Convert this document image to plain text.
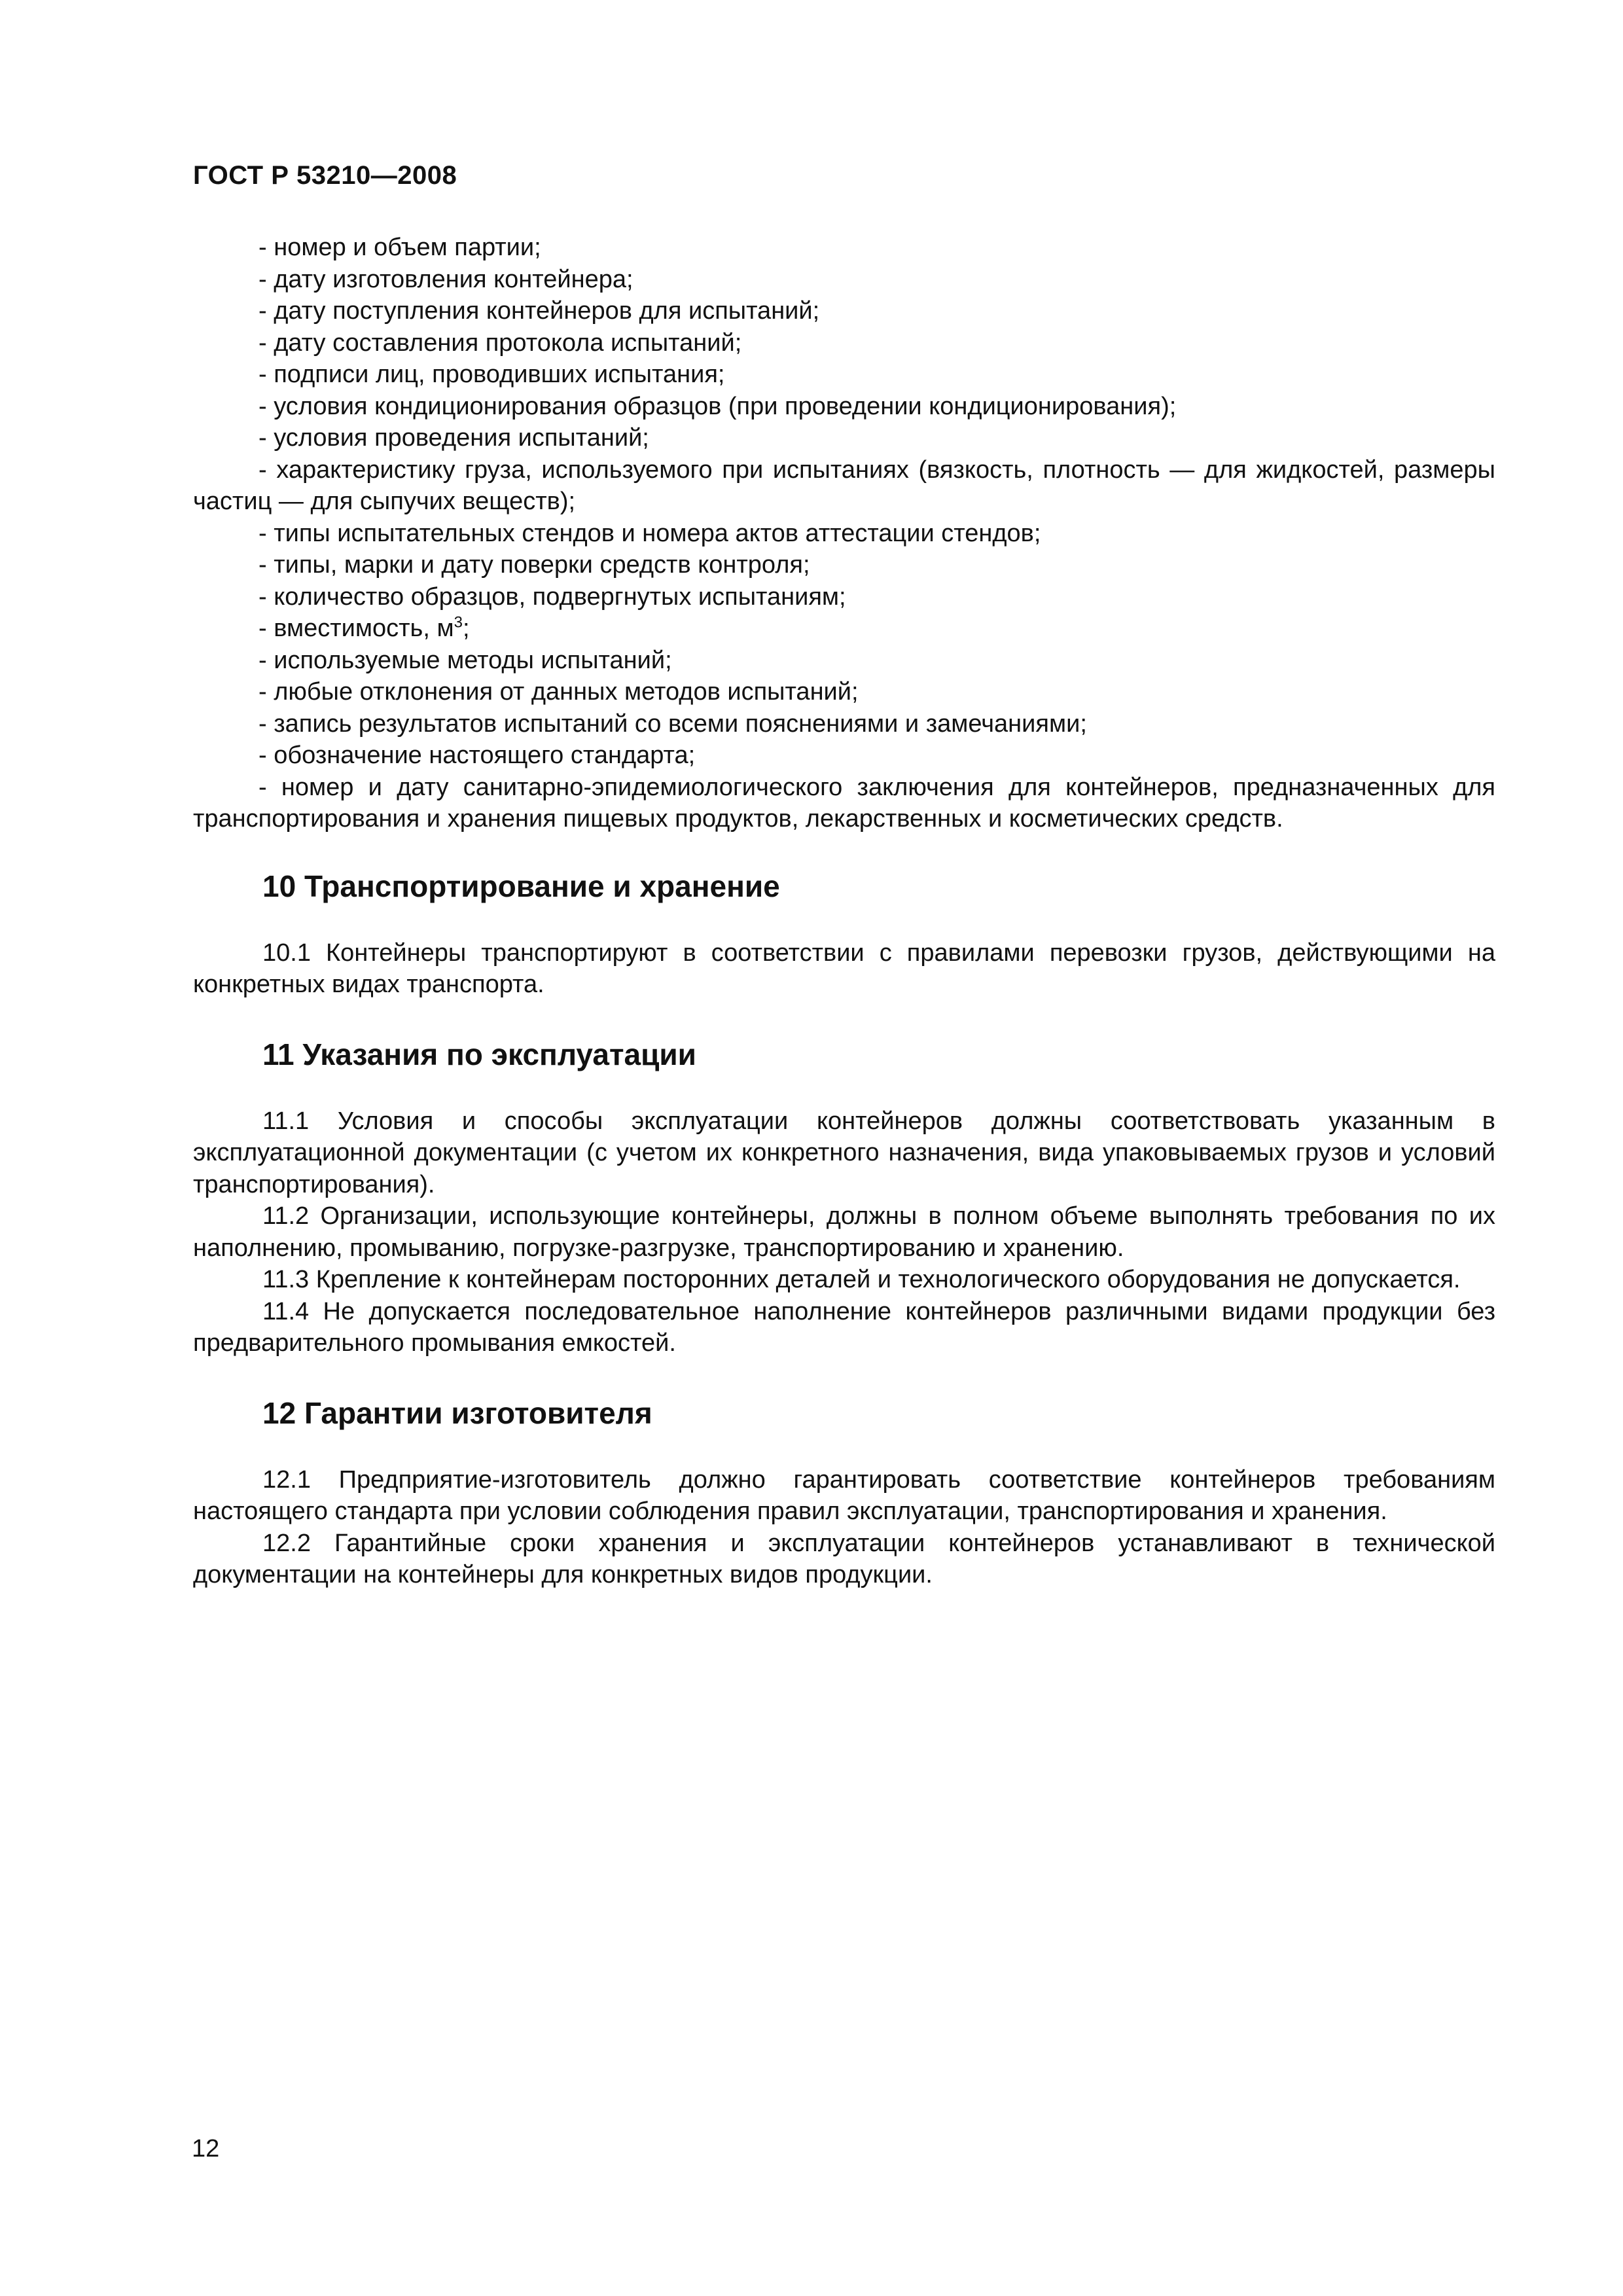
ГОСТ Р 53210—2008

- номер и объем партии;

- дату изготовления контейнера;

- дату поступления контейнеров для испытаний;

- дату составления протокола испытаний;

- подписи лиц, проводивших испытания;

- условия кондиционирования образцов (при проведении кондиционирования);

- условия проведения испытаний;

- характеристику груза, используемого при испытаниях (вязкость, плотность — для жидкостей, размеры частиц — для сыпучих веществ);

- типы испытательных стендов и номера актов аттестации стендов;

- типы, марки и дату поверки средств контроля;

- количество образцов, подвергнутых испытаниям;

- вместимость, $м^3$;

- используемые методы испытаний;

- любые отклонения от данных методов испытаний;

- запись результатов испытаний со всеми пояснениями и замечаниями;

- обозначение настоящего стандарта;

- номер и дату санитарно-эпидемиологического заключения для контейнеров, предназначенных для транспортирования и хранения пищевых продуктов, лекарственных и косметических средств.

10 Транспортирование и хранение

10.1 Контейнеры транспортируют в соответствии с правилами перевозки грузов, действующими на конкретных видах транспорта.

11 Указания по эксплуатации

11.1 Условия и способы эксплуатации контейнеров должны соответствовать указанным в эксплуатационной документации (с учетом их конкретного назначения, вида упаковываемых грузов и условий транспортирования).

11.2 Организации, использующие контейнеры, должны в полном объеме выполнять требования по их наполнению, промыванию, погрузке-разгрузке, транспортированию и хранению.

11.3 Крепление к контейнерам посторонних деталей и технологического оборудования не допускается.

11.4 Не допускается последовательное наполнение контейнеров различными видами продукции без предварительного промывания емкостей.

12 Гарантии изготовителя

12.1 Предприятие-изготовитель должно гарантировать соответствие контейнеров требованиям настоящего стандарта при условии соблюдения правил эксплуатации, транспортирования и хранения.

12.2 Гарантийные сроки хранения и эксплуатации контейнеров устанавливают в технической документации на контейнеры для конкретных видов продукции.

12
